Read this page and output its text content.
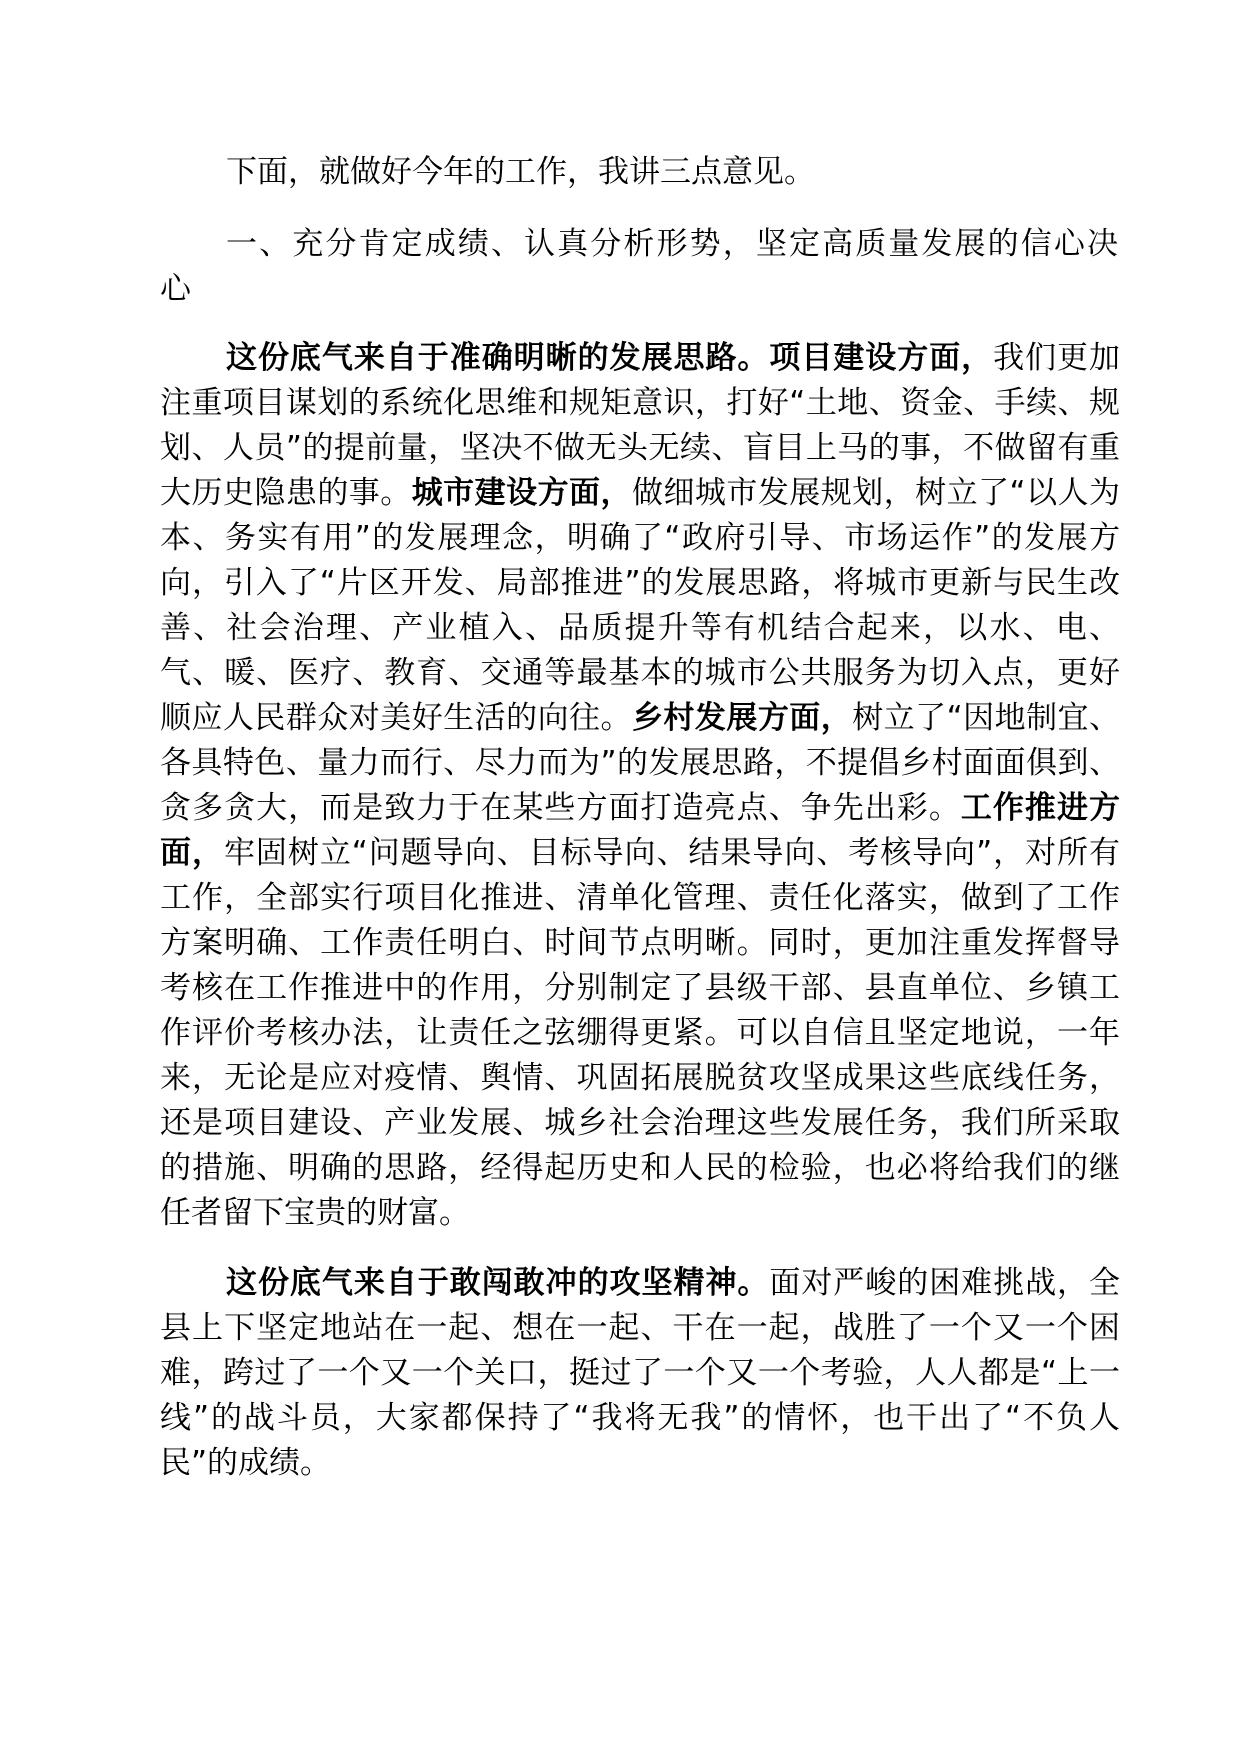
下面，就做好今年的工作，我讲三点意见。

一、充分肯定成绩、认真分析形势，坚定高质量发展的信心决心

这份底气来自于准确明晰的发展思路。项目建设方面，我们更加注重项目谋划的系统化思维和规矩意识，打好“土地、资金、手续、规划、人员”的提前量，坚决不做无头无续、盲目上马的事，不做留有重大历史隐患的事。城市建设方面，做细城市发展规划，树立了“以人为本、务实有用”的发展理念，明确了“政府引导、市场运作”的发展方向，引入了“片区开发、局部推进”的发展思路，将城市更新与民生改善、社会治理、产业植入、品质提升等有机结合起来，以水、电、气、暖、医疗、教育、交通等最基本的城市公共服务为切入点，更好顺应人民群众对美好生活的向往。乡村发展方面，树立了“因地制宜、各具特色、量力而行、尽力而为”的发展思路，不提倡乡村面面俱到、贪多贪大，而是致力于在某些方面打造亮点、争先出彩。工作推进方面，牢固树立“问题导向、目标导向、结果导向、考核导向”，对所有工作，全部实行项目化推进、清单化管理、责任化落实，做到了工作方案明确、工作责任明白、时间节点明晰。同时，更加注重发挥督导考核在工作推进中的作用，分别制定了县级干部、县直单位、乡镇工作评价考核办法，让责任之弦绷得更紧。可以自信且坚定地说，一年来，无论是应对疫情、舆情、巩固拓展脱贫攻坚成果这些底线任务，还是项目建设、产业发展、城乡社会治理这些发展任务，我们所采取的措施、明确的思路，经得起历史和人民的检验，也必将给我们的继任者留下宝贵的财富。

这份底气来自于敢闯敢冲的攻坚精神。面对严峻的困难挑战，全县上下坚定地站在一起、想在一起、干在一起，战胜了一个又一个困难，跨过了一个又一个关口，挺过了一个又一个考验，人人都是“上一线”的战斗员，大家都保持了“我将无我”的情怀，也干出了“不负人民”的成绩。
